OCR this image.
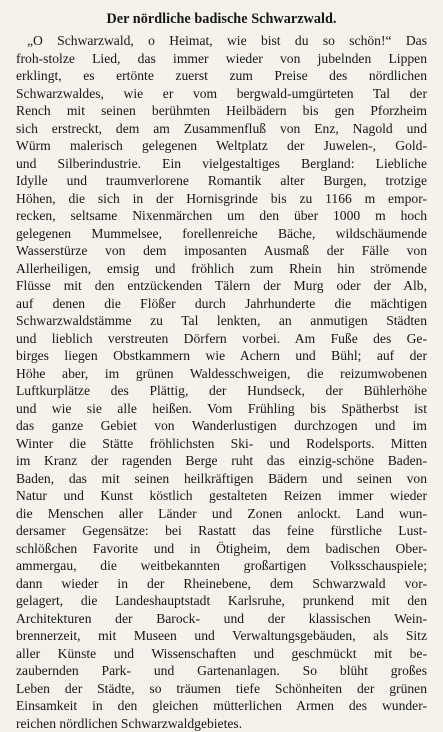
Der nördliche badische Schwarzwald.
„O Schwarzwald, o Heimat, wie bist du so schön!“ Das
froh-stolze Lied, das immer wieder von jubelnden Lippen
erklingt, es ertönte zuerst zum Preise des nördlichen
Schwarzwaldes, wie er vom bergwald-umgürteten Tal der
Rench mit seinen berühmten Heilbädern bis gen Pforzheim
sich erstreckt, dem am Zusammenfluß von Enz, Nagold und
Würm malerisch gelegenen Weltplatz der Juwelen-, Gold-
und Silberindustrie. Ein vielgestaltiges Bergland: Liebliche
Idylle und traumverlorene Romantik alter Burgen, trotzige
Höhen, die sich in der Hornisgrinde bis zu 1166 m empor-
recken, seltsame Nixenmärchen um den über 1000 m hoch
gelegenen Mummelsee, forellenreiche Bäche, wildschäumende
Wasserstürze von dem imposanten Ausmaß der Fälle von
Allerheiligen, emsig und fröhlich zum Rhein hin strömende
Flüsse mit den entzückenden Tälern der Murg oder der Alb,
auf denen die Flößer durch Jahrhunderte die mächtigen
Schwarzwaldstämme zu Tal lenkten, an anmutigen Städten
und lieblich verstreuten Dörfern vorbei. Am Fuße des Ge-
birges liegen Obstkammern wie Achern und Bühl; auf der
Höhe aber, im grünen Waldesschweigen, die reizumwobenen
Luftkurplätze des Plättig, der Hundseck, der Bühlerhöhe
und wie sie alle heißen. Vom Frühling bis Spätherbst ist
das ganze Gebiet von Wanderlustigen durchzogen und im
Winter die Stätte fröhlichsten Ski- und Rodelsports. Mitten
im Kranz der ragenden Berge ruht das einzig-schöne Baden-
Baden, das mit seinen heilkräftigen Bädern und seinen von
Natur und Kunst köstlich gestalteten Reizen immer wieder
die Menschen aller Länder und Zonen anlockt. Land wun-
dersamer Gegensätze: bei Rastatt das feine fürstliche Lust-
schlößchen Favorite und in Ötigheim, dem badischen Ober-
ammergau, die weitbekannten großartigen Volksschauspiele;
dann wieder in der Rheinebene, dem Schwarzwald vor-
gelagert, die Landeshauptstadt Karlsruhe, prunkend mit den
Architekturen der Barock- und der klassischen Wein-
brennerzeit, mit Museen und Verwaltungsgebäuden, als Sitz
aller Künste und Wissenschaften und geschmückt mit be-
zaubernden Park- und Gartenanlagen. So blüht großes
Leben der Städte, so träumen tiefe Schönheiten der grünen
Einsamkeit in den gleichen mütterlichen Armen des wunder-
reichen nördlichen Schwarzwaldgebietes.
